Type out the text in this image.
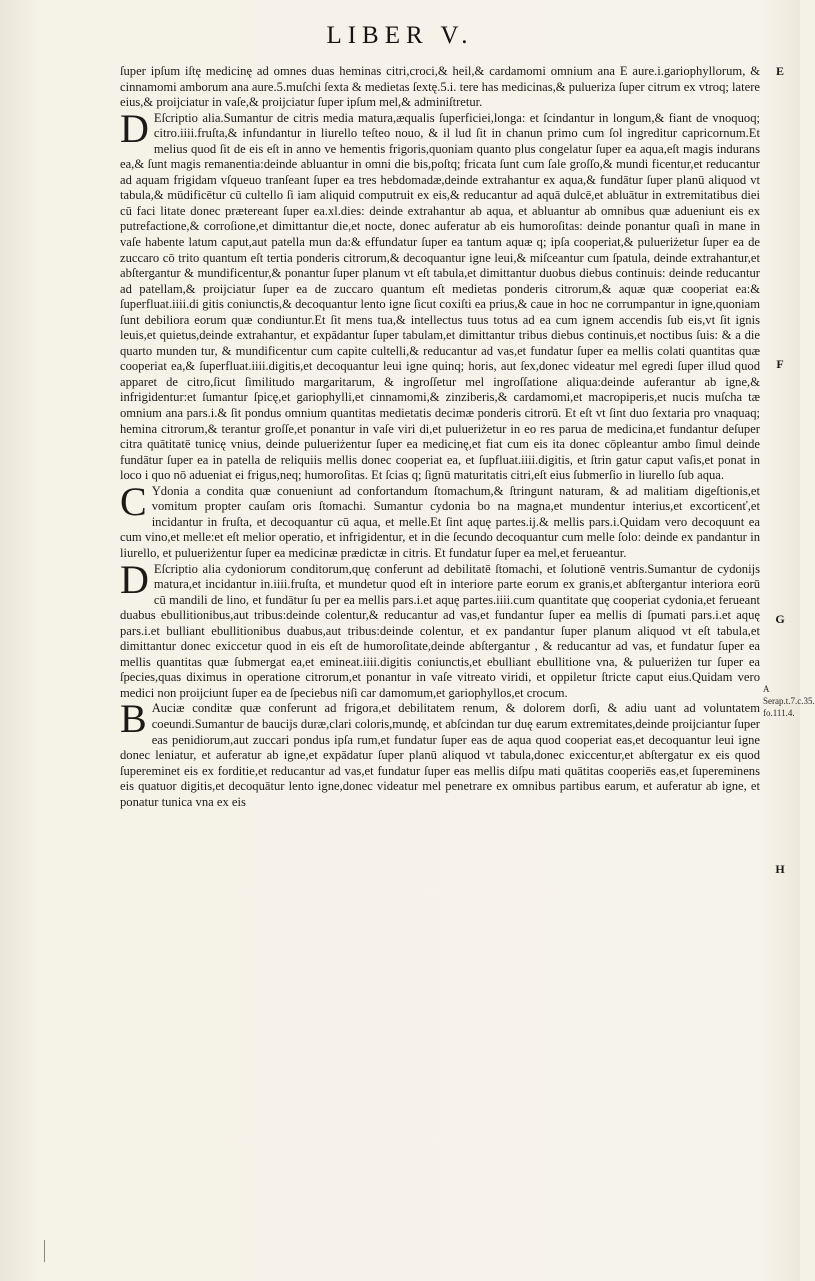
LIBER V.

ſuper ipſum iſtę medicinę ad omnes duas heminas citri,croci,& heil,& cardamomi omnium ana E aure.i.gariophyllorum, & cinnamomi amborum ana aure.5.muſchi ſexta & medietas ſextę.5.i. tere has medicinas,& pulueriza ſuper citrum ex vtroq; latere eius,& proijciatur in vaſe,& proijciatur ſuper ipſum mel,& adminiſtretur.

D Eſcriptio alia.Sumantur de citris media matura,æqualis ſuperficiei,longa: et ſcindantur in longum,& fiant de vnoquoq; citro.iiii.fruſta,& infundantur in liurello teſteo nouo, & il lud ſit in chanun primo cum ſol ingreditur capricornum.Et melius quod ſit de eis eſt in anno ve hementis frigoris,quoniam quanto plus congelatur ſuper ea aqua,eſt magis indurans ea,& ſunt magis remanentia:deinde abluantur in omni die bis,poſtq; fricata ſunt cum ſale groſſo,& mundi ficentur,et reducantur ad aquam frigidam vſqueuo tranſeant ſuper ea tres hebdomadæ,deinde extrahantur ex aqua,& fundātur ſuper planū aliquod vt tabula,& mūdificētur cū cultello ſi iam aliquid computruit ex eis,& reducantur ad aquā dulcē,et abluātur in extremitatibus diei cū faci litate donec prætereant ſuper ea.xl.dies: deinde extrahantur ab aqua, et abluantur ab omnibus quæ adueniunt eis ex putrefactione,& corroſione,et dimittantur die,et nocte, donec auferatur ab eis humoroſitas: deinde ponantur quaſi in mane in vaſe habente latum caput,aut patella mun da:& effundatur ſuper ea tantum aquæ q; ipſa cooperiat,& pulueriżetur ſuper ea de zuccaro cō trito quantum eſt tertia ponderis citrorum,& decoquantur igne leui,& miſceantur cum ſpatula, deinde extrahantur,et abſtergantur & mundificentur,& ponantur ſuper planum vt eſt tabula,et dimittantur duobus diebus continuis: deinde reducantur ad patellam,& proijciatur ſuper ea de zuccaro quantum eſt medietas ponderis citrorum,& aquæ quæ cooperiat ea:& ſuperfluat.iiii.di gitis coniunctis,& decoquantur lento igne ſicut coxiſti ea prius,& caue in hoc ne corrumpantur in igne,quoniam ſunt debiliora eorum quæ condiuntur.Et ſit mens tua,& intellectus tuus totus ad ea cum ignem accendis ſub eis,vt ſit ignis leuis,et quietus,deinde extrahantur, et expādantur ſuper tabulam,et dimittantur tribus diebus continuis,et noctibus ſuis: & a die quarto munden tur, & mundificentur cum capite cultelli,& reducantur ad vas,et fundatur ſuper ea mellis colati quantitas quæ cooperiat ea,& ſuperfluat.iiii.digitis,et decoquantur leui igne quinq; horis, aut ſex,donec videatur mel egredi ſuper illud quod apparet de citro,ſicut ſimilitudo margaritarum, & ingroſſetur mel ingroſſatione aliqua:deinde auferantur ab igne,& infrigidentur:et ſumantur ſpicę,et gariophylli,et cinnamomi,& zinziberis,& cardamomi,et macropiperis,et nucis muſcha tæ omnium ana pars.i.& ſit pondus omnium quantitas medietatis decimæ ponderis citrorū. Et eſt vt ſint duo ſextaria pro vnaquaq; hemina citrorum,& terantur groſſe,et ponantur in vaſe viri di,et pulueriżetur in eo res parua de medicina,et fundantur deſuper citra quātitatē tunicę vnius, deinde pulueriżentur ſuper ea medicinę,et fiat cum eis ita donec cōpleantur ambo ſimul deinde fundātur ſuper ea in patella de reliquiis mellis donec cooperiat ea, et ſupfluat.iiii.digitis, et ſtrin gatur caput vaſis,et ponat in loco i quo nō adueniat ei frigus,neq; humoroſitas. Et ſcias q; ſignū maturitatis citri,eſt eius ſubmerſio in liurello ſub aqua.

C Ydonia a condita quæ conueniunt ad confortandum ſtomachum,& ſtringunt naturam, & ad malitiam digeſtionis,et vomitum propter cauſam oris ſtomachi. Sumantur cydonia bo na magna,et mundentur interius,et excorticenť,et incidantur in fruſta, et decoquantur cū aqua, et melle.Et ſint aquę partes.ij.& mellis pars.i.Quidam vero decoquunt ea cum vino,et melle:et eſt melior operatio, et infrigidentur, et in die ſecundo decoquantur cum melle ſolo: deinde ex pandantur in liurello, et pulueriżentur ſuper ea medicinæ prædictæ in citris. Et fundatur ſuper ea mel,et ferueantur.

D Eſcriptio alia cydoniorum conditorum,quę conferunt ad debilitatē ſtomachi, et ſolutionē ventris.Sumantur de cydonijs matura,et incidantur in.iiii.fruſta, et mundetur quod eſt in interiore parte eorum ex granis,et abſtergantur interiora eorū cū mandili de lino, et fundātur ſu per ea mellis pars.i.et aquę partes.iiii.cum quantitate quę cooperiat cydonia,et ferueant duabus ebullitionibus,aut tribus:deinde colentur,& reducantur ad vas,et fundantur ſuper ea mellis di ſpumati pars.i.et aquę pars.i.et bulliant ebullitionibus duabus,aut tribus:deinde colentur, et ex pandantur ſuper planum aliquod vt eſt tabula,et dimittantur donec exiccetur quod in eis eſt de humoroſitate,deinde abſtergantur , & reducantur ad vas, et fundatur ſuper ea mellis quantitas quæ ſubmergat ea,et emineat.iiii.digitis coniunctis,et ebulliant ebullitione vna, & pulueriżen tur ſuper ea ſpecies,quas diximus in operatione citrorum,et ponantur in vaſe vitreato viridi, et oppiletur ſtricte caput eius.Quidam vero medici non proijciunt ſuper ea de ſpeciebus niſi car damomum,et gariophyllos,et crocum.

B Auciæ conditæ quæ conferunt ad frigora,et debilitatem renum, & dolorem dorſi, & adiu uant ad voluntatem coeundi.Sumantur de baucijs duræ,clari coloris,mundę, et abſcindan tur duę earum extremitates,deinde proijciantur ſuper eas penidiorum,aut zuccari pondus ipſa rum,et fundatur ſuper eas de aqua quod cooperiat eas,et decoquantur leui igne donec leniatur, et auferatur ab igne,et expādatur ſuper planū aliquod vt tabula,donec exiccentur,et abſtergatur ex eis quod ſupereminet eis ex forditie,et reducantur ad vas,et fundatur ſuper eas mellis diſpu mati quātitas cooperiēs eas,et ſupereminens eis quatuor digitis,et decoquātur lento igne,donec videatur mel penetrare ex omnibus partibus earum, et auferatur ab igne, et ponatur tunica vna ex eis

E
F
G
H
A Serap.t.7.c.35.
fo.111.4.
